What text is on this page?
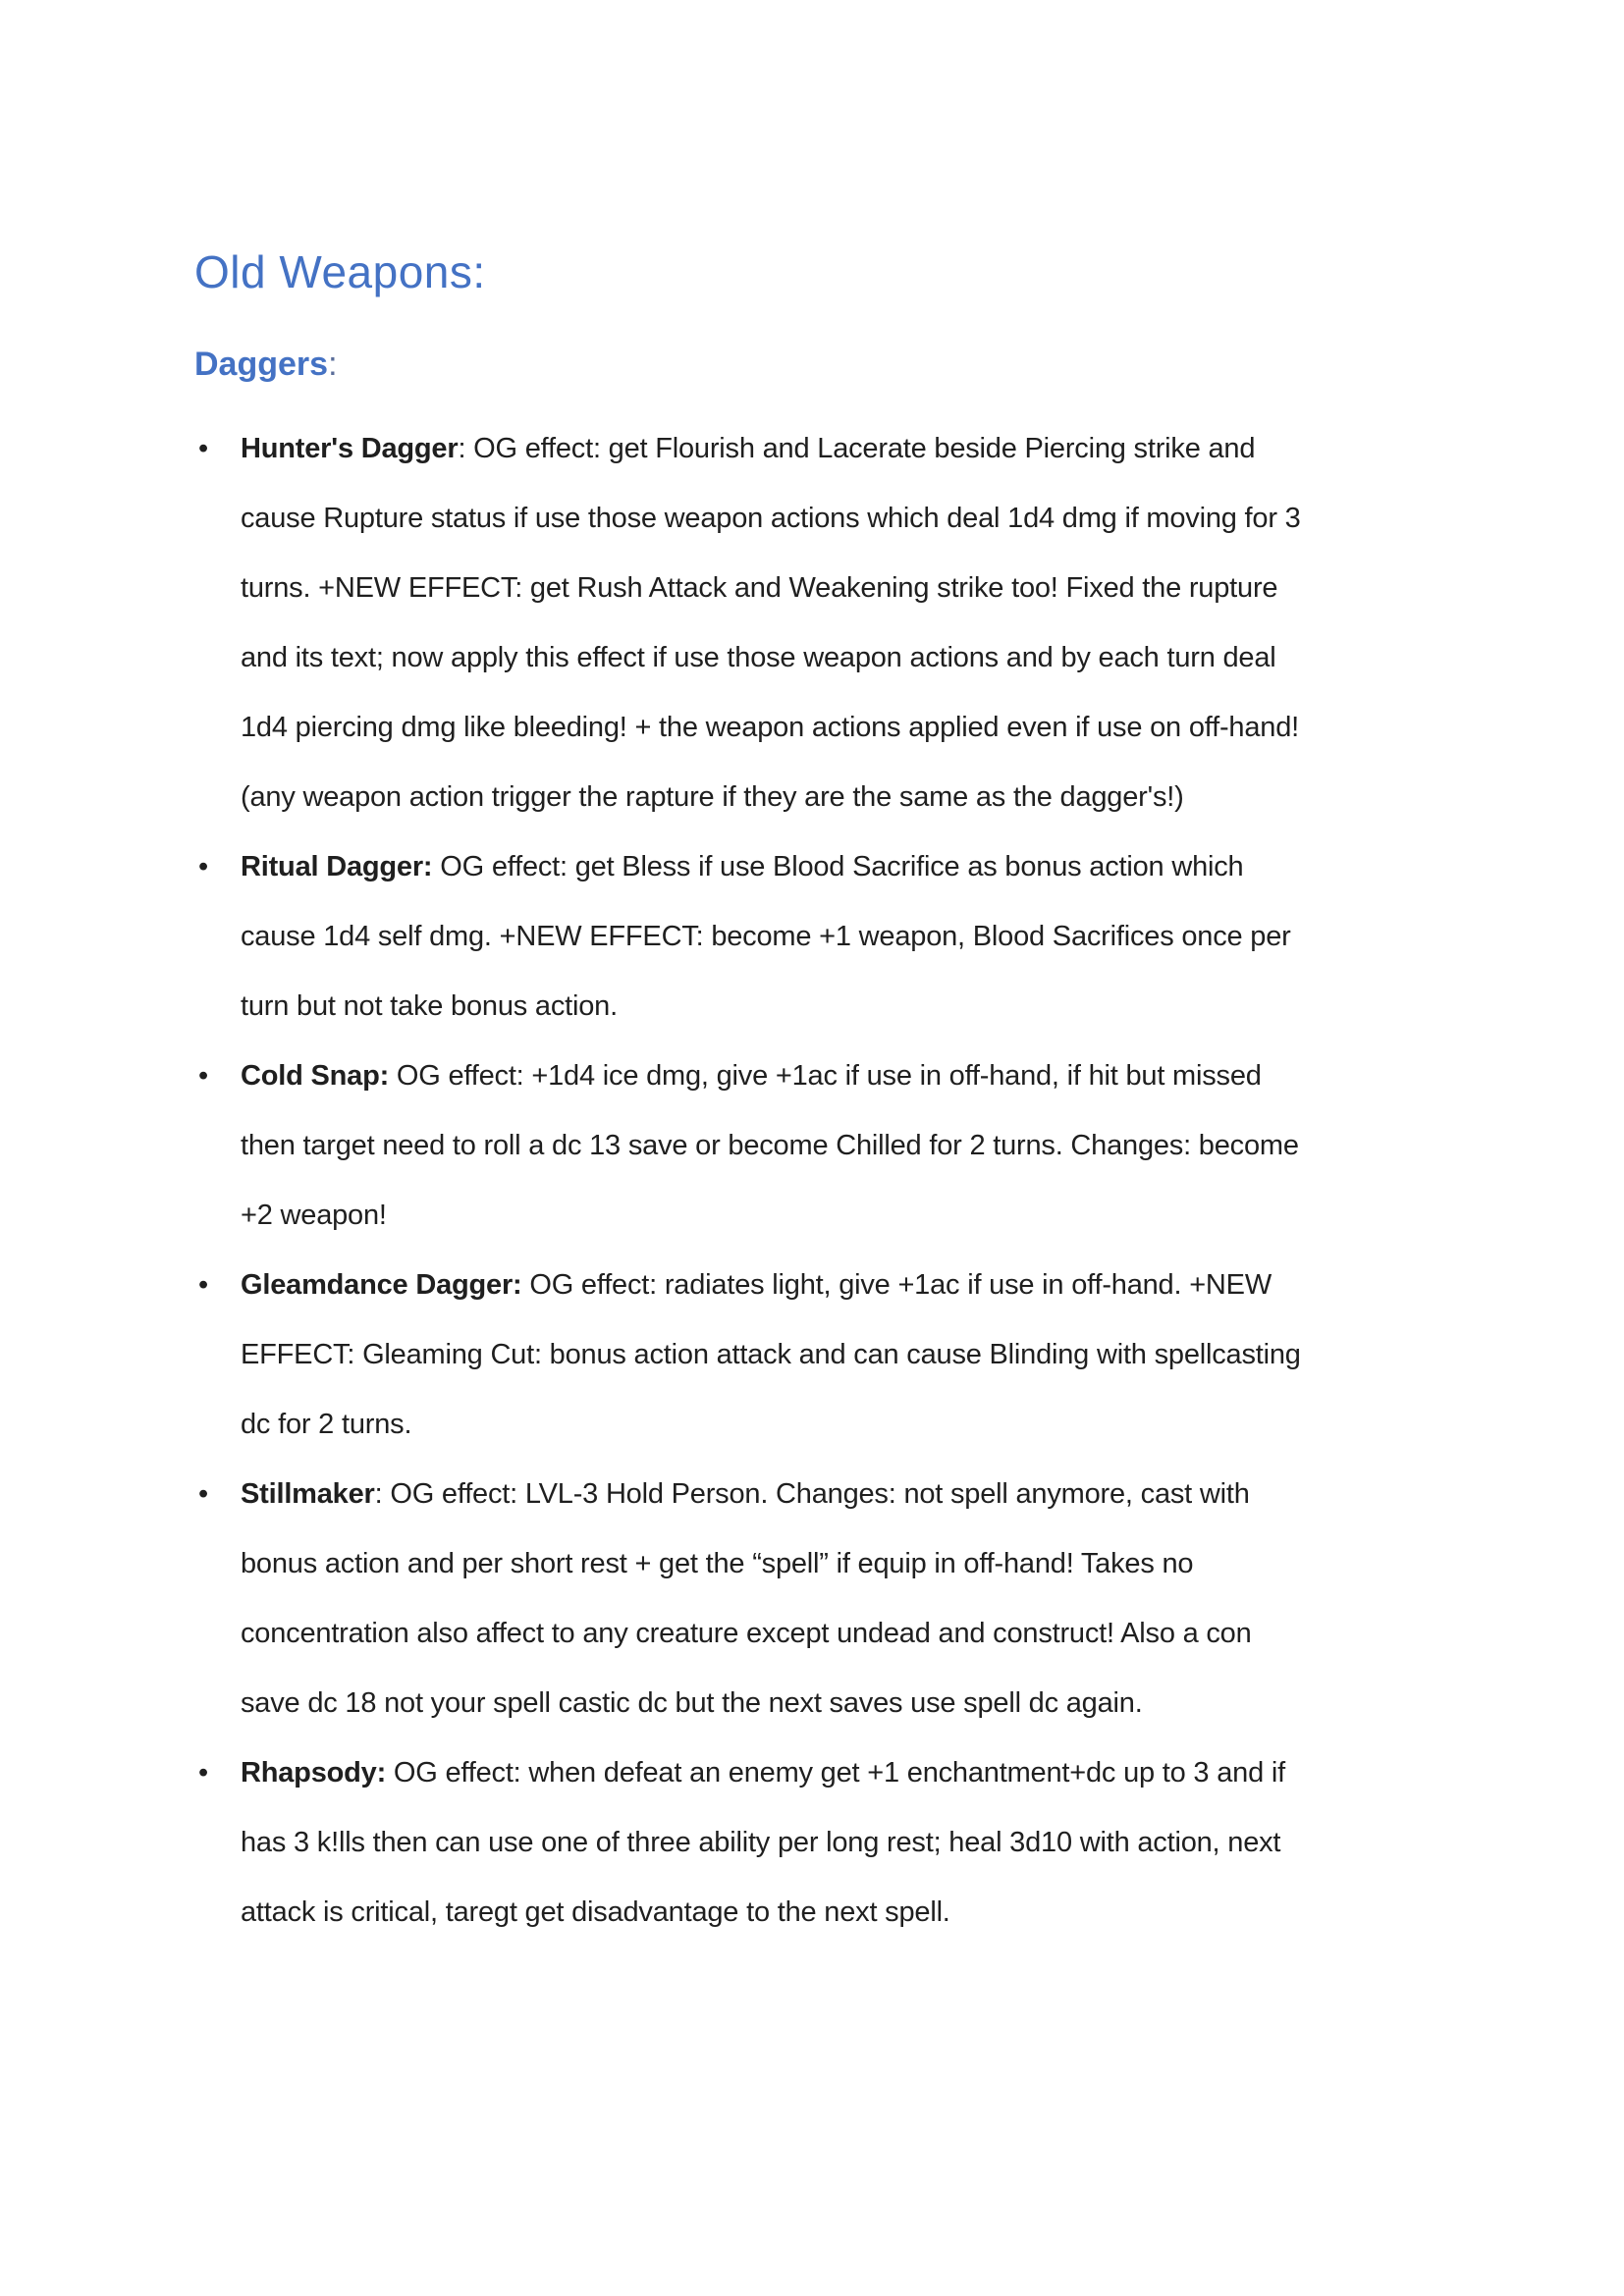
Old Weapons:
Daggers:
• Hunter's Dagger: OG effect: get Flourish and Lacerate beside Piercing strike and cause Rupture status if use those weapon actions which deal 1d4 dmg if moving for 3 turns. +NEW EFFECT: get Rush Attack and Weakening strike too! Fixed the rupture and its text; now apply this effect if use those weapon actions and by each turn deal 1d4 piercing dmg like bleeding! + the weapon actions applied even if use on off-hand! (any weapon action trigger the rapture if they are the same as the dagger's!)
• Ritual Dagger: OG effect: get Bless if use Blood Sacrifice as bonus action which cause 1d4 self dmg. +NEW EFFECT: become +1 weapon, Blood Sacrifices once per turn but not take bonus action.
• Cold Snap: OG effect: +1d4 ice dmg, give +1ac if use in off-hand, if hit but missed then target need to roll a dc 13 save or become Chilled for 2 turns. Changes: become +2 weapon!
• Gleamdance Dagger: OG effect: radiates light, give +1ac if use in off-hand. +NEW EFFECT: Gleaming Cut: bonus action attack and can cause Blinding with spellcasting dc for 2 turns.
• Stillmaker: OG effect: LVL-3 Hold Person. Changes: not spell anymore, cast with bonus action and per short rest + get the “spell” if equip in off-hand! Takes no concentration also affect to any creature except undead and construct! Also a con save dc 18 not your spell castic dc but the next saves use spell dc again.
• Rhapsody: OG effect: when defeat an enemy get +1 enchantment+dc up to 3 and if has 3 k!lls then can use one of three ability per long rest; heal 3d10 with action, next attack is critical, taregt get disadvantage to the next spell.
